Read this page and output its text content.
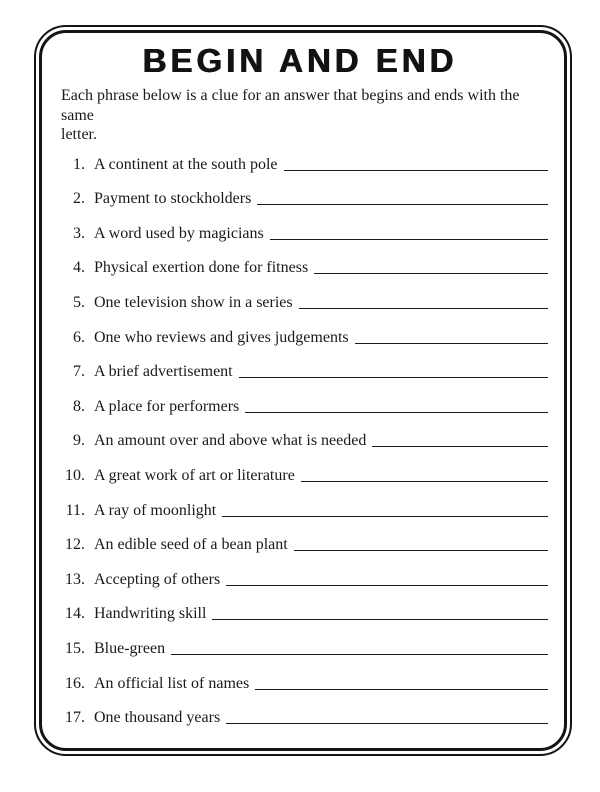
BEGIN AND END

Each phrase below is a clue for an answer that begins and ends with the same
letter.

1. A continent at the south pole
2. Payment to stockholders
3. A word used by magicians
4. Physical exertion done for fitness
5. One television show in a series
6. One who reviews and gives judgements
7. A brief advertisement
8. A place for performers
9. An amount over and above what is needed
10. A great work of art or literature
11. A ray of moonlight
12. An edible seed of a bean plant
13. Accepting of others
14. Handwriting skill
15. Blue-green
16. An official list of names
17. One thousand years
